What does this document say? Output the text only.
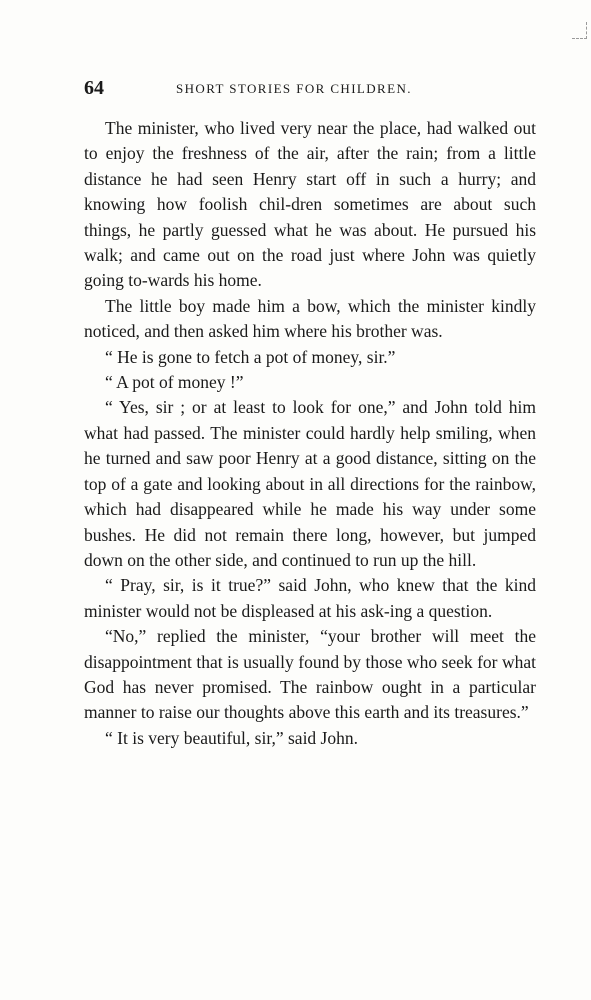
64	SHORT STORIES FOR CHILDREN.

The minister, who lived very near the place, had walked out to enjoy the freshness of the air, after the rain; from a little distance he had seen Henry start off in such a hurry; and knowing how foolish chil-dren sometimes are about such things, he partly guessed what he was about. He pursued his walk; and came out on the road just where John was quietly going to-wards his home.

The little boy made him a bow, which the minister kindly noticed, and then asked him where his brother was.

“ He is gone to fetch a pot of money, sir.”

“ A pot of money !”

“ Yes, sir ; or at least to look for one,” and John told him what had passed. The minister could hardly help smiling, when he turned and saw poor Henry at a good distance, sitting on the top of a gate and looking about in all directions for the rainbow, which had disappeared while he made his way under some bushes. He did not remain there long, however, but jumped down on the other side, and continued to run up the hill.

“ Pray, sir, is it true?” said John, who knew that the kind minister would not be displeased at his ask-ing a question.

“No,” replied the minister, “your brother will meet the disappointment that is usually found by those who seek for what God has never promised. The rainbow ought in a particular manner to raise our thoughts above this earth and its treasures.”

“ It is very beautiful, sir,” said John.
